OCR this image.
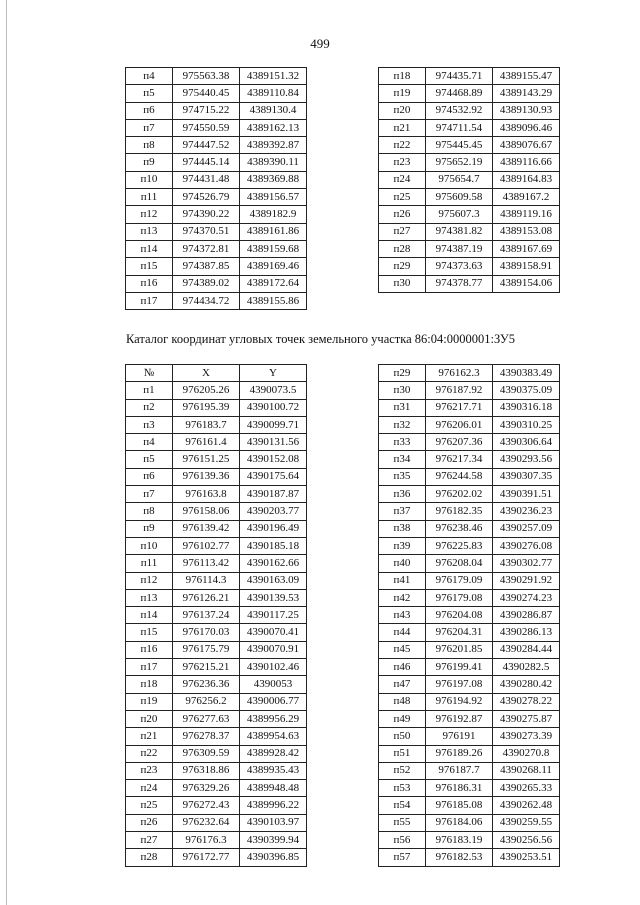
499
п4	975563.38	4389151.32
п5	975440.45	4389110.84
п6	974715.22	4389130.4
п7	974550.59	4389162.13
п8	974447.52	4389392.87
п9	974445.14	4389390.11
п10	974431.48	4389369.88
п11	974526.79	4389156.57
п12	974390.22	4389182.9
п13	974370.51	4389161.86
п14	974372.81	4389159.68
п15	974387.85	4389169.46
п16	974389.02	4389172.64
п17	974434.72	4389155.86
п18	974435.71	4389155.47
п19	974468.89	4389143.29
п20	974532.92	4389130.93
п21	974711.54	4389096.46
п22	975445.45	4389076.67
п23	975652.19	4389116.66
п24	975654.7	4389164.83
п25	975609.58	4389167.2
п26	975607.3	4389119.16
п27	974381.82	4389153.08
п28	974387.19	4389167.69
п29	974373.63	4389158.91
п30	974378.77	4389154.06
Каталог координат угловых точек земельного участка 86:04:0000001:ЗУ5
№	X	Y
п1	976205.26	4390073.5
п2	976195.39	4390100.72
п3	976183.7	4390099.71
п4	976161.4	4390131.56
п5	976151.25	4390152.08
п6	976139.36	4390175.64
п7	976163.8	4390187.87
п8	976158.06	4390203.77
п9	976139.42	4390196.49
п10	976102.77	4390185.18
п11	976113.42	4390162.66
п12	976114.3	4390163.09
п13	976126.21	4390139.53
п14	976137.24	4390117.25
п15	976170.03	4390070.41
п16	976175.79	4390070.91
п17	976215.21	4390102.46
п18	976236.36	4390053
п19	976256.2	4390006.77
п20	976277.63	4389956.29
п21	976278.37	4389954.63
п22	976309.59	4389928.42
п23	976318.86	4389935.43
п24	976329.26	4389948.48
п25	976272.43	4389996.22
п26	976232.64	4390103.97
п27	976176.3	4390399.94
п28	976172.77	4390396.85
п29	976162.3	4390383.49
п30	976187.92	4390375.09
п31	976217.71	4390316.18
п32	976206.01	4390310.25
п33	976207.36	4390306.64
п34	976217.34	4390293.56
п35	976244.58	4390307.35
п36	976202.02	4390391.51
п37	976182.35	4390236.23
п38	976238.46	4390257.09
п39	976225.83	4390276.08
п40	976208.04	4390302.77
п41	976179.09	4390291.92
п42	976179.08	4390274.23
п43	976204.08	4390286.87
п44	976204.31	4390286.13
п45	976201.85	4390284.44
п46	976199.41	4390282.5
п47	976197.08	4390280.42
п48	976194.92	4390278.22
п49	976192.87	4390275.87
п50	976191	4390273.39
п51	976189.26	4390270.8
п52	976187.7	4390268.11
п53	976186.31	4390265.33
п54	976185.08	4390262.48
п55	976184.06	4390259.55
п56	976183.19	4390256.56
п57	976182.53	4390253.51
